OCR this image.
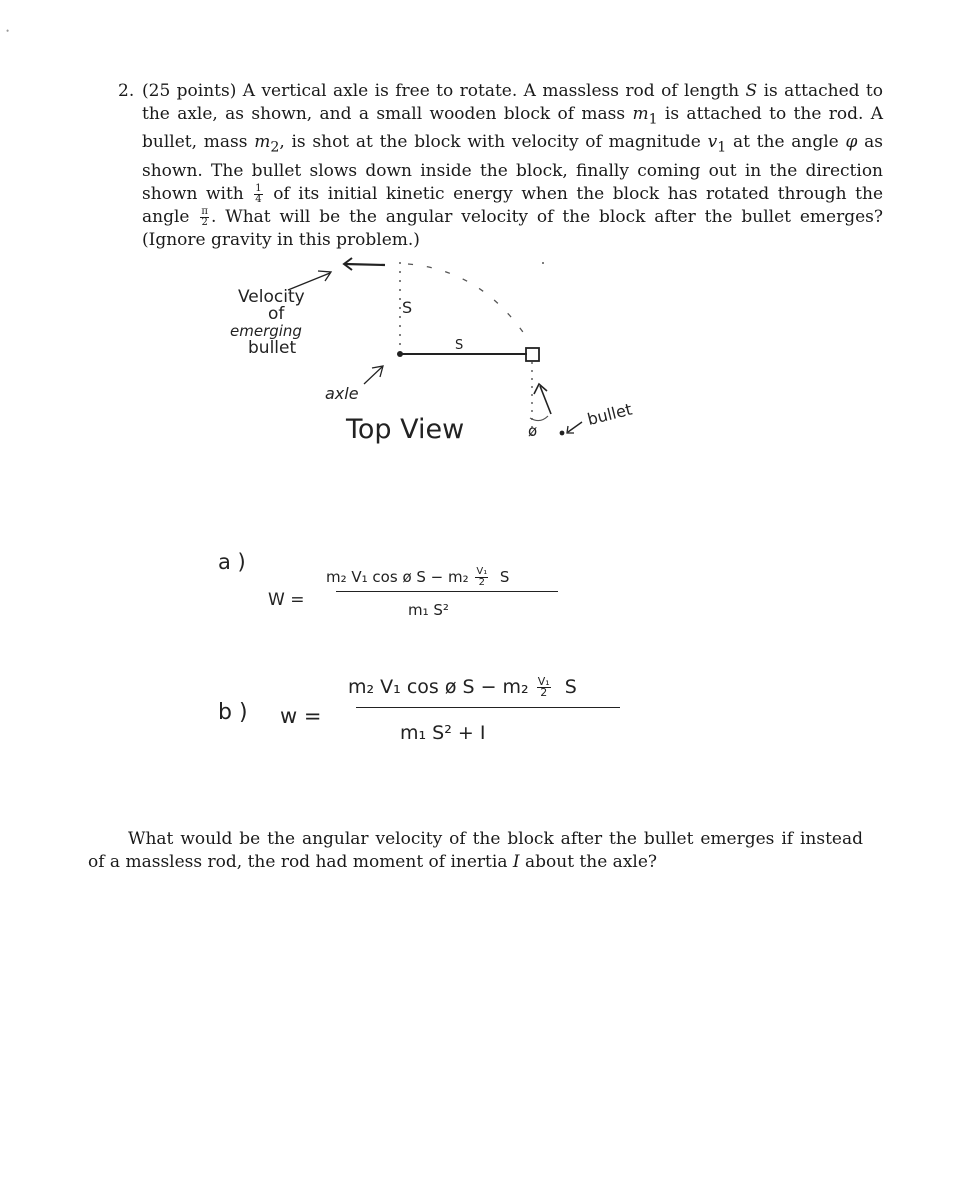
•
2. (25 points) A vertical axle is free to rotate. A massless rod of length S is attached to the axle, as shown, and a small wooden block of mass $m_1$ is attached to the rod. A bullet, mass $m_2$, is shot at the block with velocity of magnitude $v_1$ at the angle φ as shown. The bullet slows down inside the block, finally coming out in the direction shown with $\frac{1}{4}$ of its initial kinetic energy when the block has rotated through the angle $\frac{\pi}{2}$ . What will be the angular velocity of the block after the bullet emerges? (Ignore gravity in this problem.)
Velocity
of
emerging
bullet
S
S
axle
Top View	ø
bullet
a )
W =
m₂ V₁ cos ø $S - m_2 \frac{\text{V₁}}{2}$ S
m₁ S²
b ) w =
m₂ V₁ cos ø $S - m_2 \frac{\text{V₁}}{2}$ S
m₁ S² + I

What would be the angular velocity of the block after the bullet emerges if instead of a massless rod, the rod had moment of inertia I about the axle?
